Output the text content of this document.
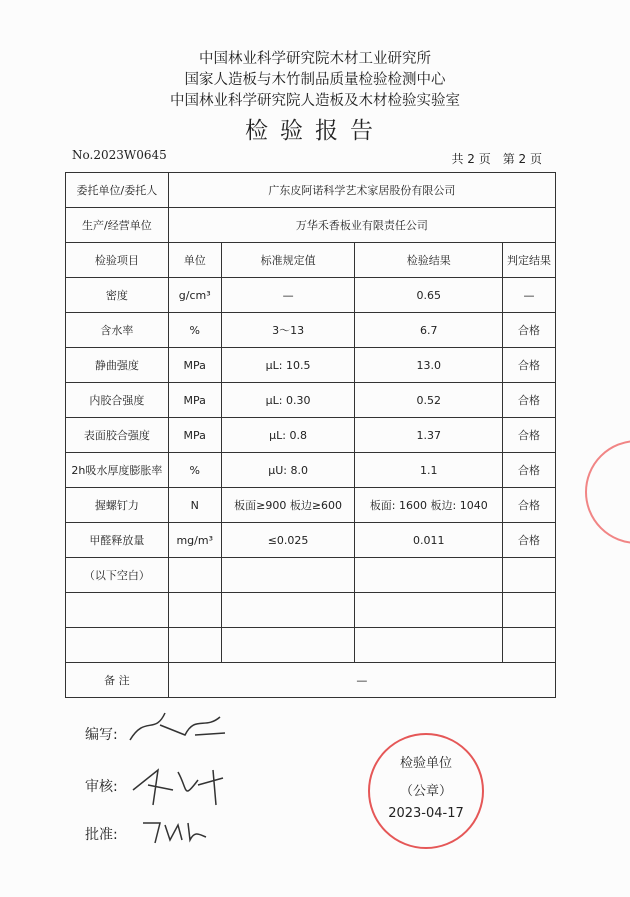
中国林业科学研究院木材工业研究所
国家人造板与木竹制品质量检验检测中心
中国林业科学研究院人造板及木材检验实验室
检验报告
No.2023W0645	共 2 页　第 2 页
委托单位/委托人	广东皮阿诺科学艺术家居股份有限公司			
生产/经营单位	万华禾香板业有限责任公司			
检验项目	单位	标准规定值	检验结果	判定结果
密度	g/cm³	—	0.65	—
含水率	%	3～13	6.7	合格
静曲强度	MPa	μL: 10.5	13.0	合格
内胶合强度	MPa	μL: 0.30	0.52	合格
表面胶合强度	MPa	μL: 0.8	1.37	合格
2h吸水厚度膨胀率	%	μU: 8.0	1.1	合格
握螺钉力	N	板面≥900 板边≥600	板面: 1600 板边: 1040	合格
甲醛释放量	mg/m³	≤0.025	0.011	合格
（以下空白）				

备 注	—			
编写:
审核:
批准:
检验单位
（公章）
2023-04-17
